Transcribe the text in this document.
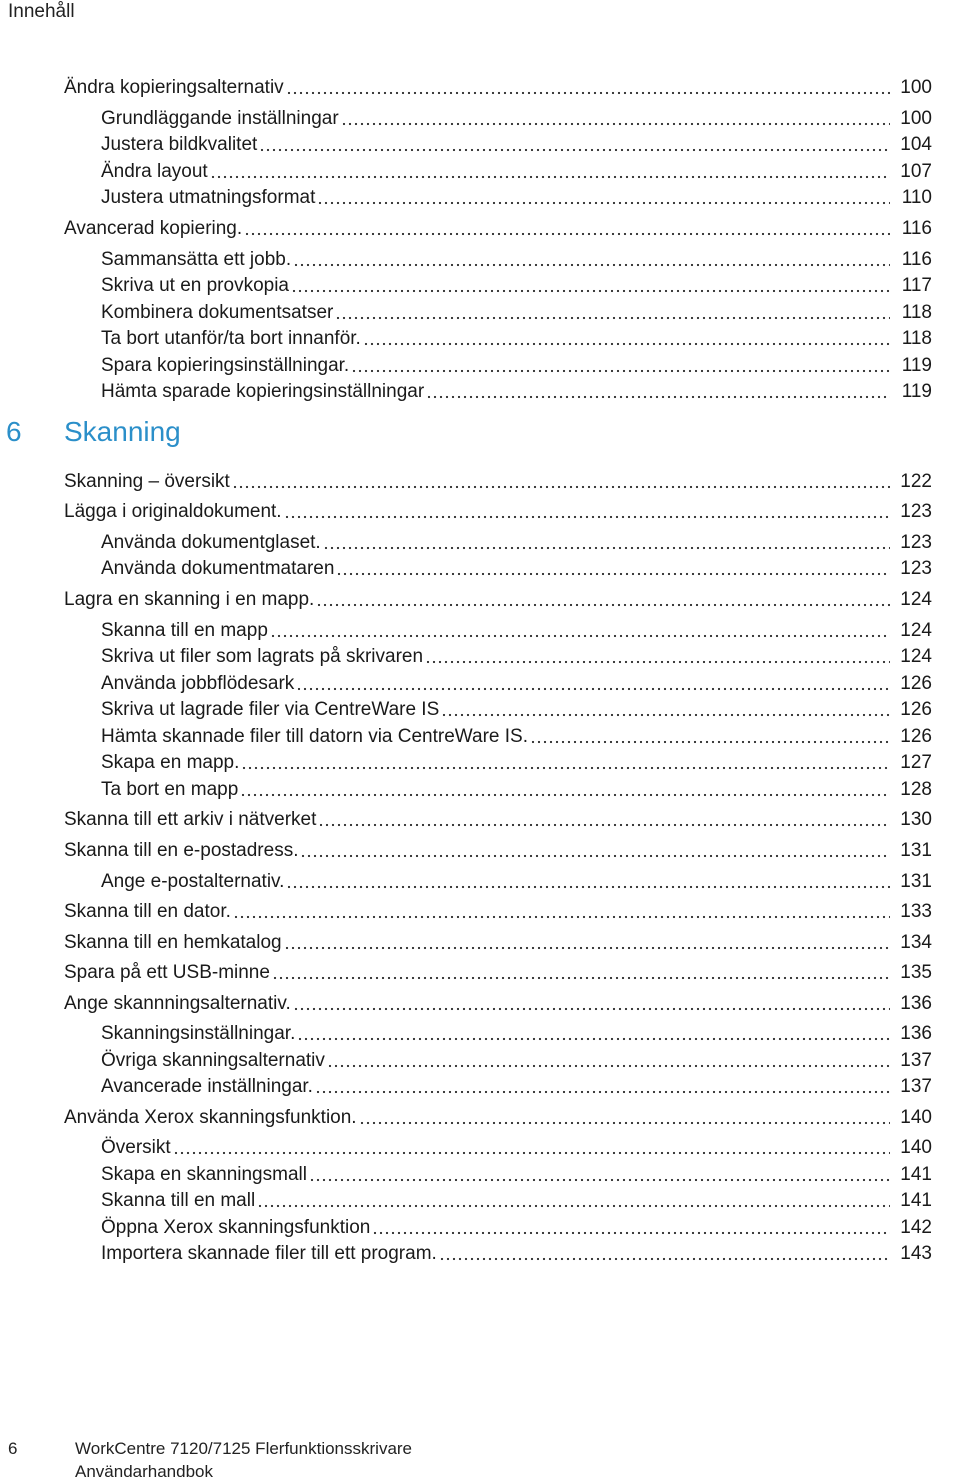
Innehåll
6	Skanning
Ändra kopieringsalternativ	100
Grundläggande inställningar	100
Justera bildkvalitet	104
Ändra layout	107
Justera utmatningsformat	110
Avancerad kopiering.	116
Sammansätta ett jobb.	116
Skriva ut en provkopia	117
Kombinera dokumentsatser	118
Ta bort utanför/ta bort innanför.	118
Spara kopieringsinställningar.	119
Hämta sparade kopieringsinställningar	119
Skanning – översikt	122
Lägga i originaldokument.	123
Använda dokumentglaset.	123
Använda dokumentmataren	123
Lagra en skanning i en mapp.	124
Skanna till en mapp	124
Skriva ut filer som lagrats på skrivaren	124
Använda jobbflödesark	126
Skriva ut lagrade filer via CentreWare IS	126
Hämta skannade filer till datorn via CentreWare IS.	126
Skapa en mapp.	127
Ta bort en mapp	128
Skanna till ett arkiv i nätverket	130
Skanna till en e-postadress.	131
Ange e-postalternativ.	131
Skanna till en dator.	133
Skanna till en hemkatalog	134
Spara på ett USB-minne	135
Ange skannningsalternativ.	136
Skanningsinställningar.	136
Övriga skanningsalternativ	137
Avancerade inställningar.	137
Använda Xerox skanningsfunktion.	140
Översikt	140
Skapa en skanningsmall	141
Skanna till en mall	141
Öppna Xerox skanningsfunktion	142
Importera skannade filer till ett program.	143
6	WorkCentre 7120/7125 Flerfunktionsskrivare
Användarhandbok
